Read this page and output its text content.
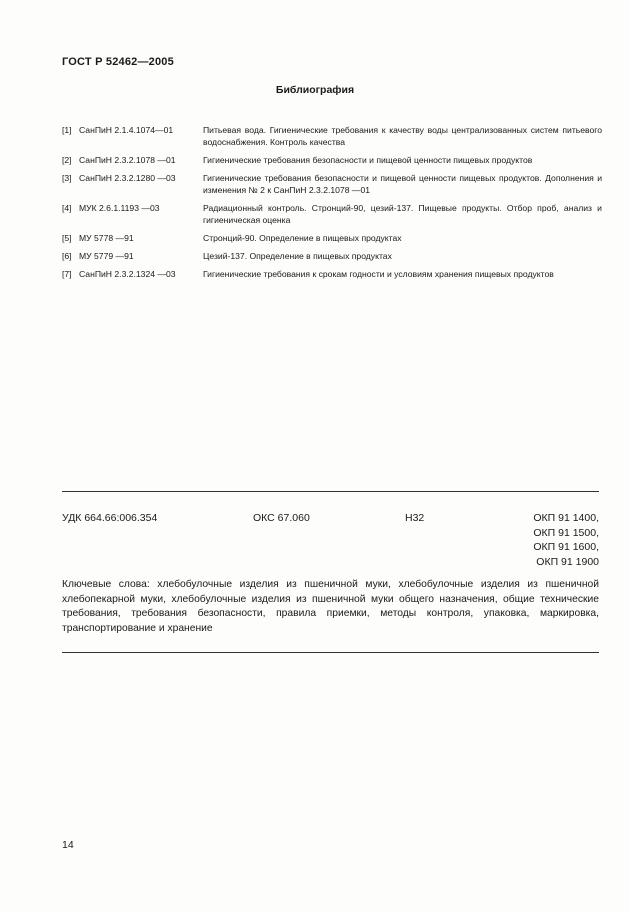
ГОСТ Р 52462—2005
Библиография
[1] СанПиН 2.1.4.1074—01	Питьевая вода. Гигиенические требования к качеству воды централизованных систем питьевого водоснабжения. Контроль качества
[2] СанПиН 2.3.2.1078 —01	Гигиенические требования безопасности и пищевой ценности пищевых продуктов
[3] СанПиН 2.3.2.1280 —03	Гигиенические требования безопасности и пищевой ценности пищевых продуктов. Дополнения и изменения № 2 к СанПиН 2.3.2.1078 —01
[4] МУК 2.6.1.1193 —03	Радиационный контроль. Стронций-90, цезий-137. Пищевые продукты. Отбор проб, анализ и гигиеническая оценка
[5] МУ 5778 —91	Стронций-90. Определение в пищевых продуктах
[6] МУ 5779 —91	Цезий-137. Определение в пищевых продуктах
[7] СанПиН 2.3.2.1324 —03	Гигиенические требования к срокам годности и условиям хранения пищевых продуктов
УДК 664.66:006.354	ОКС 67.060	Н32	ОКП 91 1400,
ОКП 91 1500,
ОКП 91 1600,
ОКП 91 1900
Ключевые слова: хлебобулочные изделия из пшеничной муки, хлебобулочные изделия из пшеничной хлебопекарной муки, хлебобулочные изделия из пшеничной муки общего назначения, общие технические требования, требования безопасности, правила приемки, методы контроля, упаковка, маркировка, транспортирование и хранение
14
